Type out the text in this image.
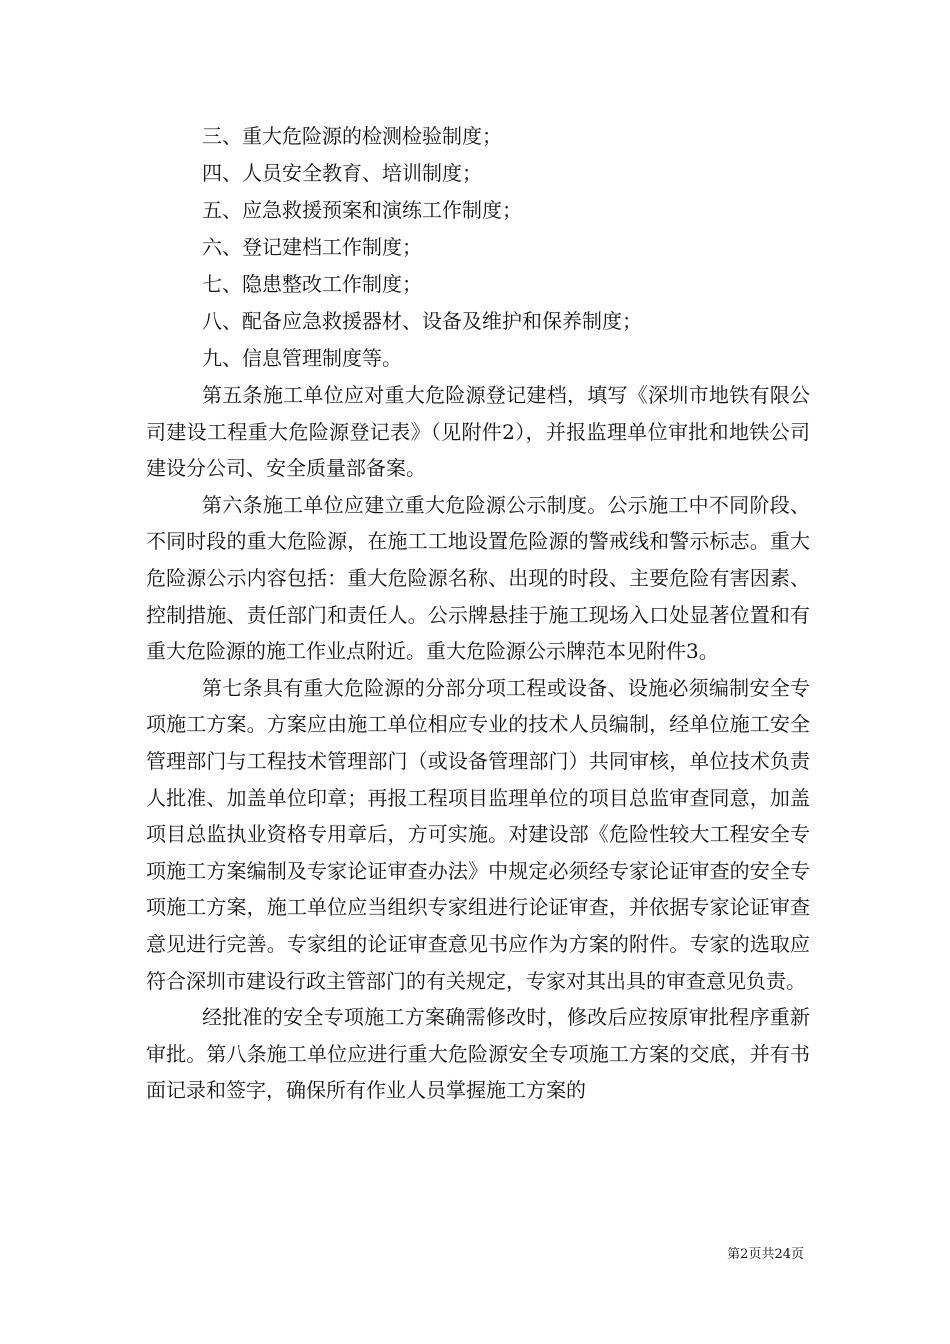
三、重大危险源的检测检验制度；
四、人员安全教育、培训制度；
五、应急救援预案和演练工作制度；
六、登记建档工作制度；
七、隐患整改工作制度；
八、配备应急救援器材、设备及维护和保养制度；
九、信息管理制度等。

第五条施工单位应对重大危险源登记建档，填写《深圳市地铁有限公司建设工程重大危险源登记表》（见附件2），并报监理单位审批和地铁公司建设分公司、安全质量部备案。

第六条施工单位应建立重大危险源公示制度。公示施工中不同阶段、不同时段的重大危险源，在施工工地设置危险源的警戒线和警示标志。重大危险源公示内容包括：重大危险源名称、出现的时段、主要危险有害因素、控制措施、责任部门和责任人。公示牌悬挂于施工现场入口处显著位置和有重大危险源的施工作业点附近。重大危险源公示牌范本见附件3。

第七条具有重大危险源的分部分项工程或设备、设施必须编制安全专项施工方案。方案应由施工单位相应专业的技术人员编制，经单位施工安全管理部门与工程技术管理部门（或设备管理部门）共同审核，单位技术负责人批准、加盖单位印章；再报工程项目监理单位的项目总监审查同意，加盖项目总监执业资格专用章后，方可实施。对建设部《危险性较大工程安全专项施工方案编制及专家论证审查办法》中规定必须经专家论证审查的安全专项施工方案，施工单位应当组织专家组进行论证审查，并依据专家论证审查意见进行完善。专家组的论证审查意见书应作为方案的附件。专家的选取应符合深圳市建设行政主管部门的有关规定，专家对其出具的审查意见负责。

经批准的安全专项施工方案确需修改时，修改后应按原审批程序重新审批。第八条施工单位应进行重大危险源安全专项施工方案的交底，并有书面记录和签字，确保所有作业人员掌握施工方案的

第2页共24页
